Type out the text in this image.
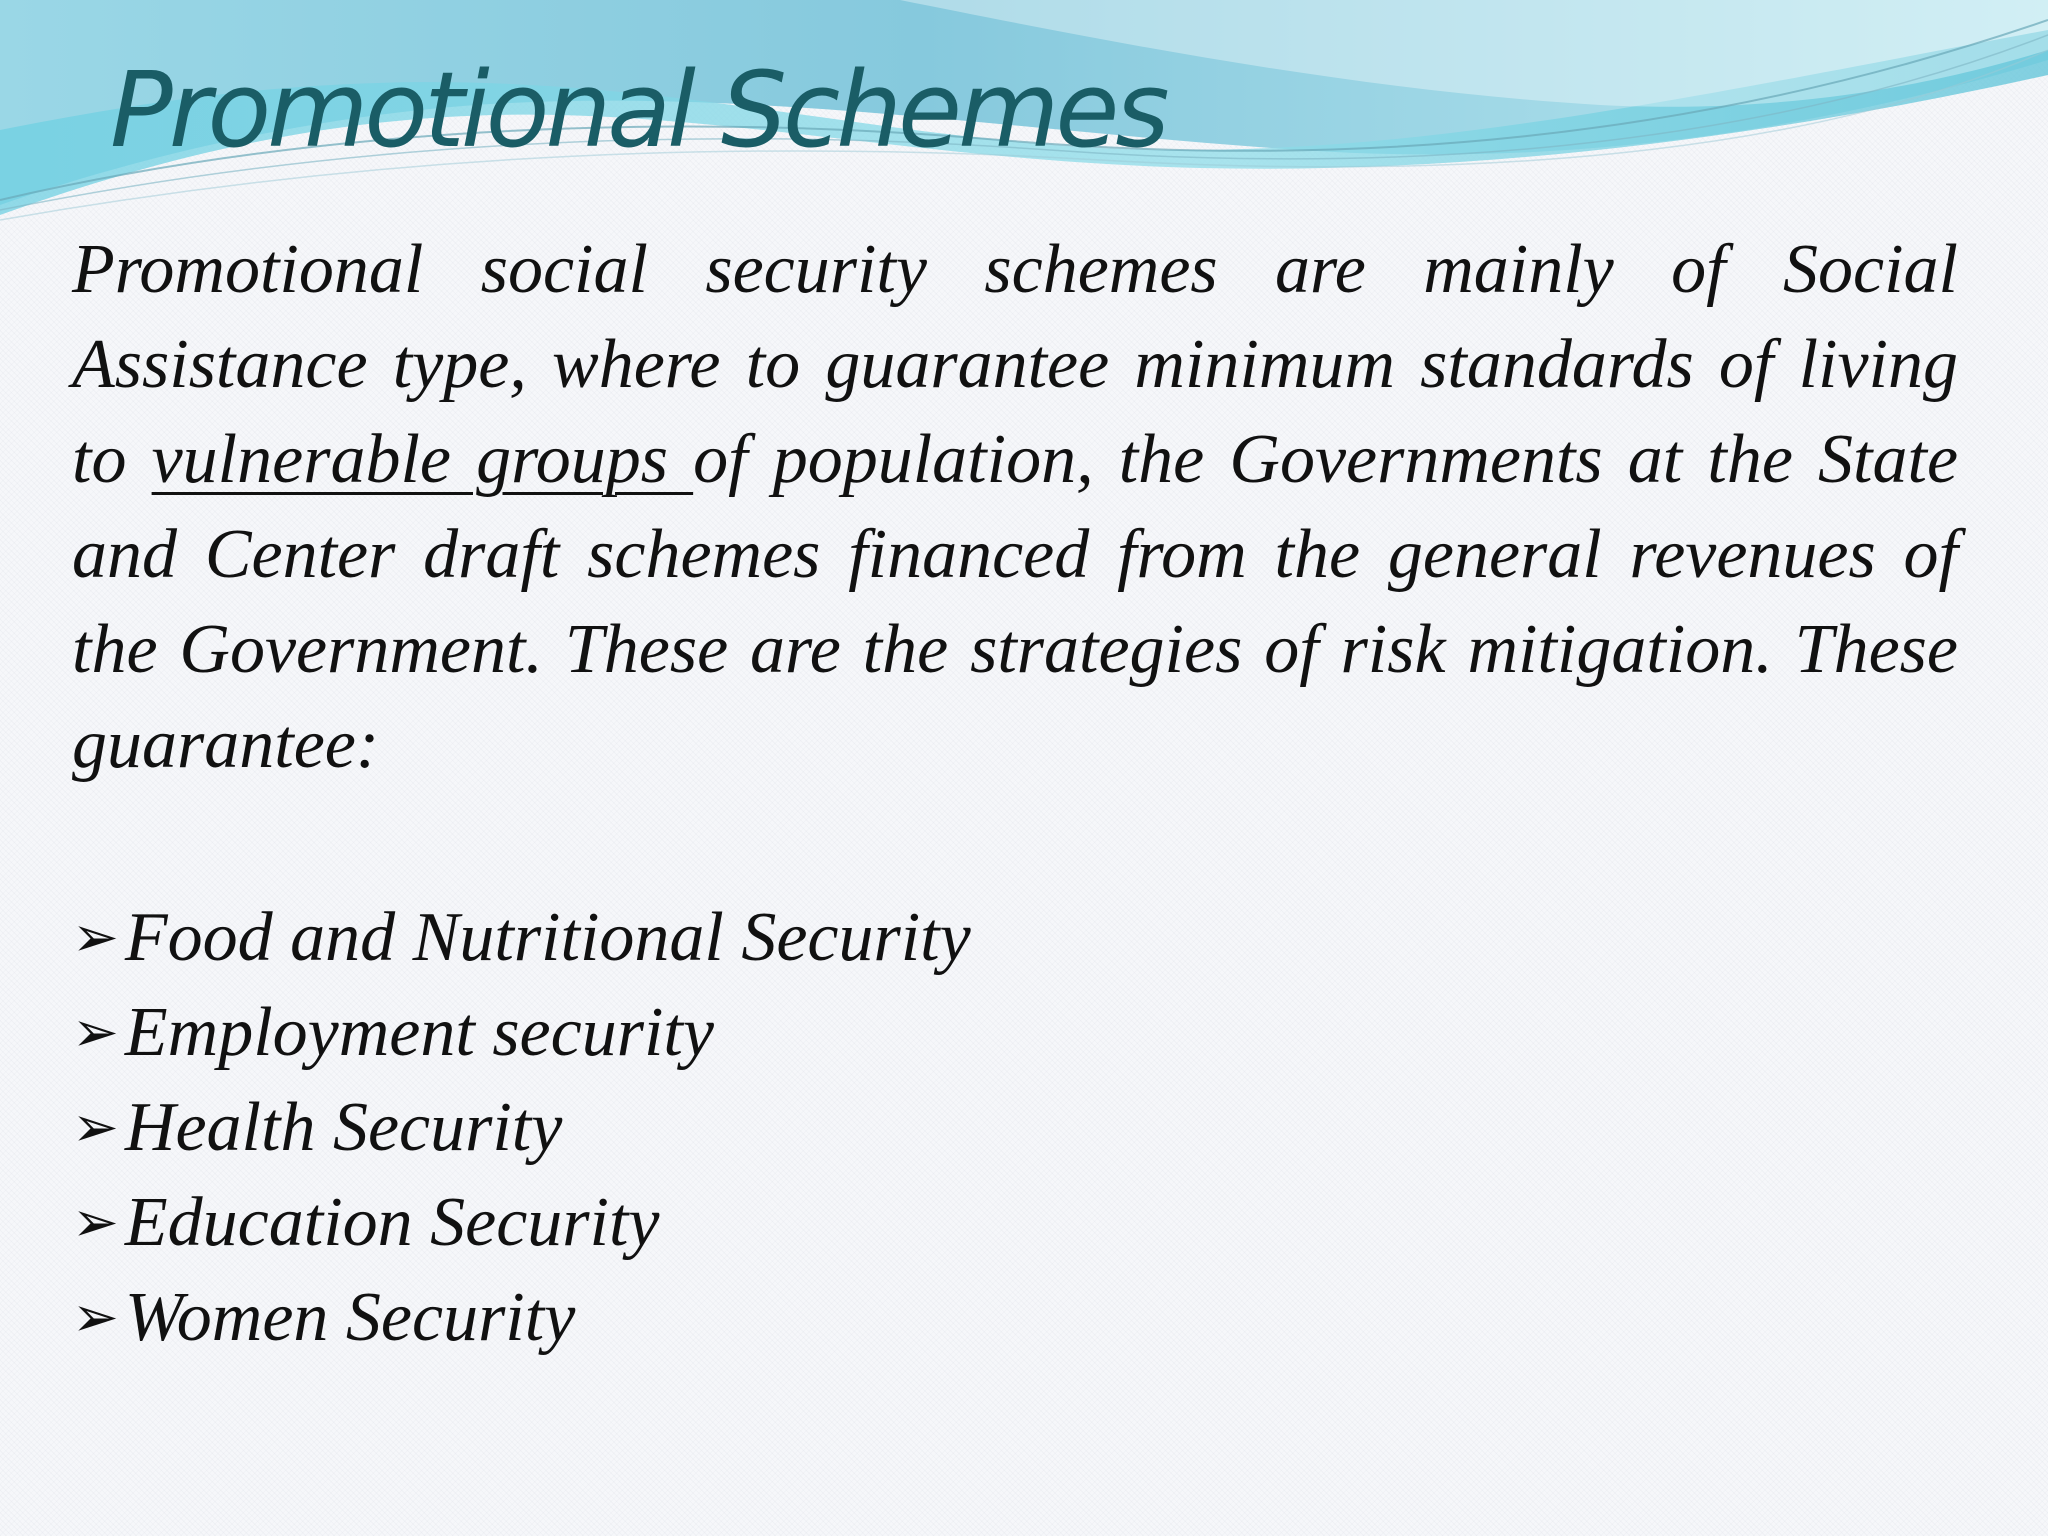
Promotional Schemes

Promotional social security schemes are mainly of Social Assistance type, where to guarantee minimum standards of living to vulnerable groups of population, the Governments at the State and Center draft schemes financed from the general revenues of the Government. These are the strategies of risk mitigation. These guarantee:

➢Food and Nutritional Security
➢Employment security
➢Health Security
➢Education Security
➢Women Security
